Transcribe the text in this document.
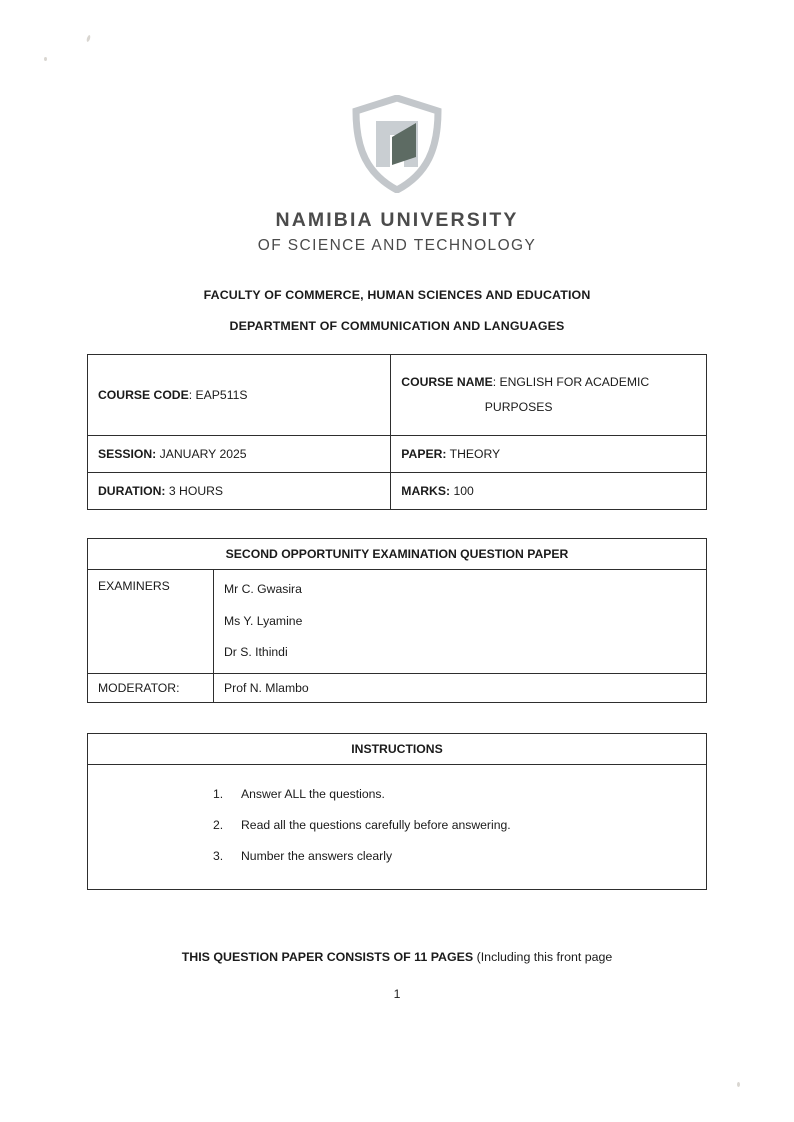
NAMIBIA UNIVERSITY
OF SCIENCE AND TECHNOLOGY
FACULTY OF COMMERCE, HUMAN SCIENCES AND EDUCATION
DEPARTMENT OF COMMUNICATION AND LANGUAGES
COURSE CODE: EAP511S	COURSE NAME: ENGLISH FOR ACADEMIC
PURPOSES

SESSION: JANUARY 2025	PAPER: THEORY
DURATION: 3 HOURS	MARKS: 100
SECOND OPPORTUNITY EXAMINATION QUESTION PAPER	
EXAMINERS	Mr C. Gwasira
Ms Y. Lyamine
Dr S. Ithindi

MODERATOR:	Prof N. Mlambo
INSTRUCTIONS

1.	Answer ALL the questions.
2.	Read all the questions carefully before answering.
3.	Number the answers clearly
THIS QUESTION PAPER CONSISTS OF 11 PAGES (Including this front page
1
